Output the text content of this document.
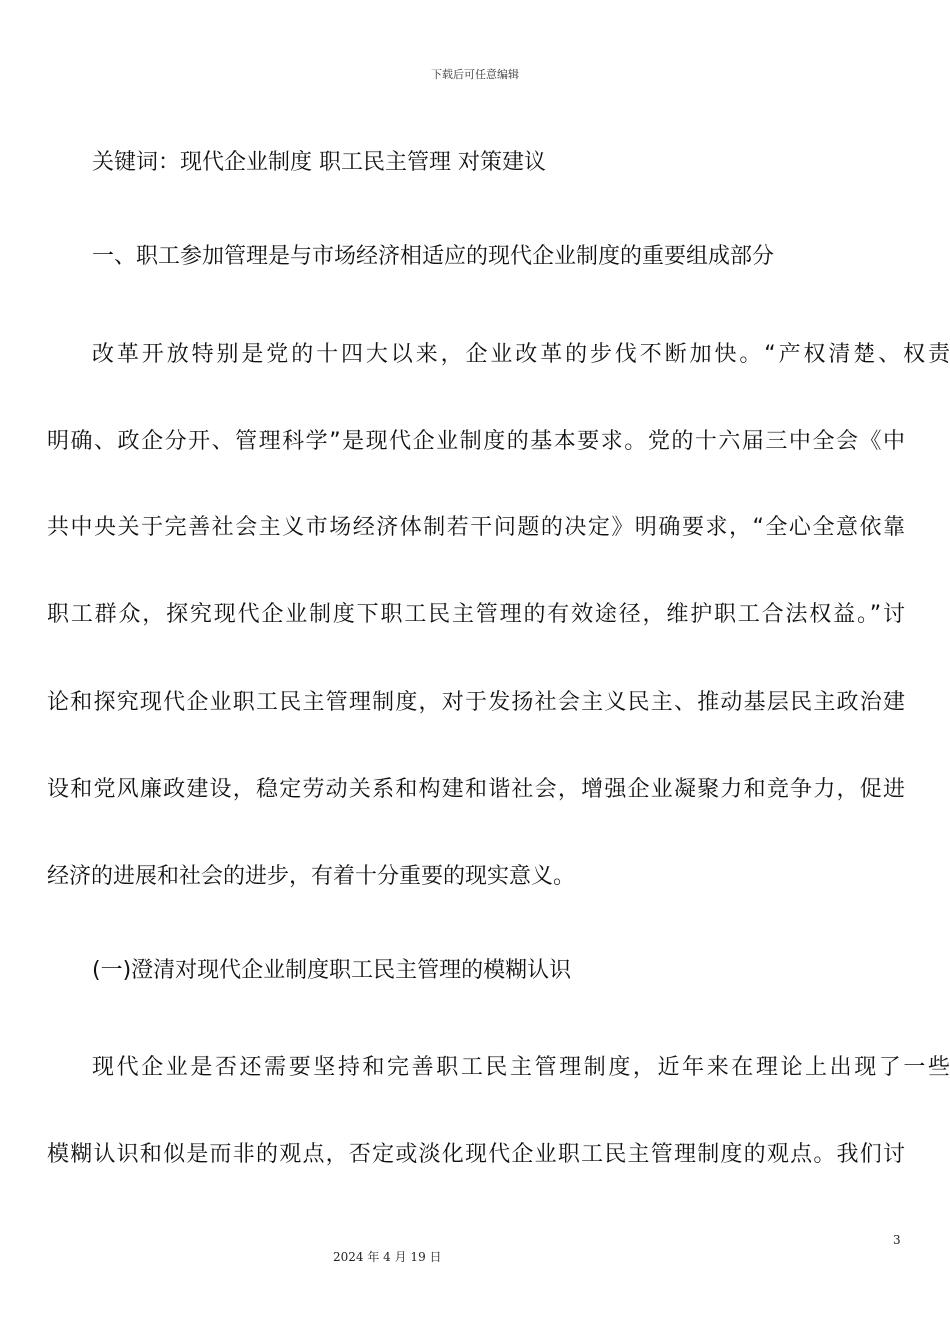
下载后可任意编辑
关键词：现代企业制度 职工民主管理 对策建议
一、职工参加管理是与市场经济相适应的现代企业制度的重要组成部分
改革开放特别是党的十四大以来，企业改革的步伐不断加快。“产权清楚、权责
明确、政企分开、管理科学”是现代企业制度的基本要求。党的十六届三中全会《中
共中央关于完善社会主义市场经济体制若干问题的决定》明确要求，“全心全意依靠
职工群众，探究现代企业制度下职工民主管理的有效途径，维护职工合法权益。”讨
论和探究现代企业职工民主管理制度，对于发扬社会主义民主、推动基层民主政治建
设和党风廉政建设，稳定劳动关系和构建和谐社会，增强企业凝聚力和竞争力，促进
经济的进展和社会的进步，有着十分重要的现实意义。
(一)澄清对现代企业制度职工民主管理的模糊认识
现代企业是否还需要坚持和完善职工民主管理制度，近年来在理论上出现了一些
模糊认识和似是而非的观点，否定或淡化现代企业职工民主管理制度的观点。我们讨
3
2024 年 4 月 19 日
